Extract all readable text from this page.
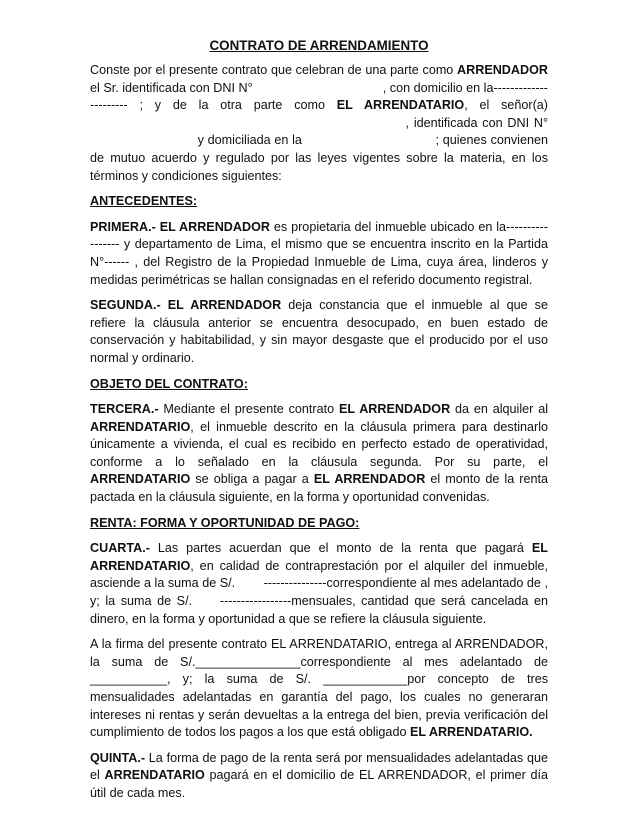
CONTRATO DE ARRENDAMIENTO

Conste por el presente contrato que celebran de una parte como ARRENDADOR el Sr. identificada con DNI N°                                     , con domicilio en la---------------------- ; y de la otra parte como EL ARRENDATARIO, el señor(a)                                                                   , identificada con DNI N°                              y domiciliada en la                                    ; quienes convienen de mutuo acuerdo y regulado por las leyes vigentes sobre la materia, en los términos y condiciones siguientes:

ANTECEDENTES:

PRIMERA.- EL ARRENDADOR es propietaria del inmueble ubicado en la----------------- y departamento de Lima, el mismo que se encuentra inscrito en la Partida N°------ , del Registro de la Propiedad Inmueble de Lima, cuya área, linderos y medidas perimétricas se hallan consignadas en el referido documento registral.

SEGUNDA.- EL ARRENDADOR deja constancia que el inmueble al que se refiere la cláusula anterior se encuentra desocupado, en buen estado de conservación y habitabilidad, y sin mayor desgaste que el producido por el uso normal y ordinario.

OBJETO DEL CONTRATO:

TERCERA.- Mediante el presente contrato EL ARRENDADOR da en alquiler al ARRENDATARIO, el inmueble descrito en la cláusula primera para destinarlo únicamente a vivienda, el cual es recibido en perfecto estado de operatividad, conforme a lo señalado en la cláusula segunda. Por su parte, el ARRENDATARIO se obliga a pagar a EL ARRENDADOR el monto de la renta pactada en la cláusula siguiente, en la forma y oportunidad convenidas.

RENTA: FORMA Y OPORTUNIDAD DE PAGO:

CUARTA.- Las partes acuerdan que el monto de la renta que pagará EL ARRENDATARIO, en calidad de contraprestación por el alquiler del inmueble, asciende a la suma de S/.        ---------------correspondiente al mes adelantado de , y; la suma de S/.     -----------------mensuales, cantidad que será cancelada en dinero, en la forma y oportunidad a que se refiere la cláusula siguiente.

A la firma del presente contrato EL ARRENDATARIO, entrega al ARRENDADOR, la suma de S/._______________correspondiente al mes adelantado de ___________, y; la suma de S/. ____________por concepto de tres mensualidades adelantadas en garantía del pago, los cuales no generaran intereses ni rentas y serán devueltas a la entrega del bien, previa verificación del cumplimiento de todos los pagos a los que está obligado EL ARRENDATARIO.

QUINTA.- La forma de pago de la renta será por mensualidades adelantadas que el ARRENDATARIO pagará en el domicilio de EL ARRENDADOR, el primer día útil de cada mes.
